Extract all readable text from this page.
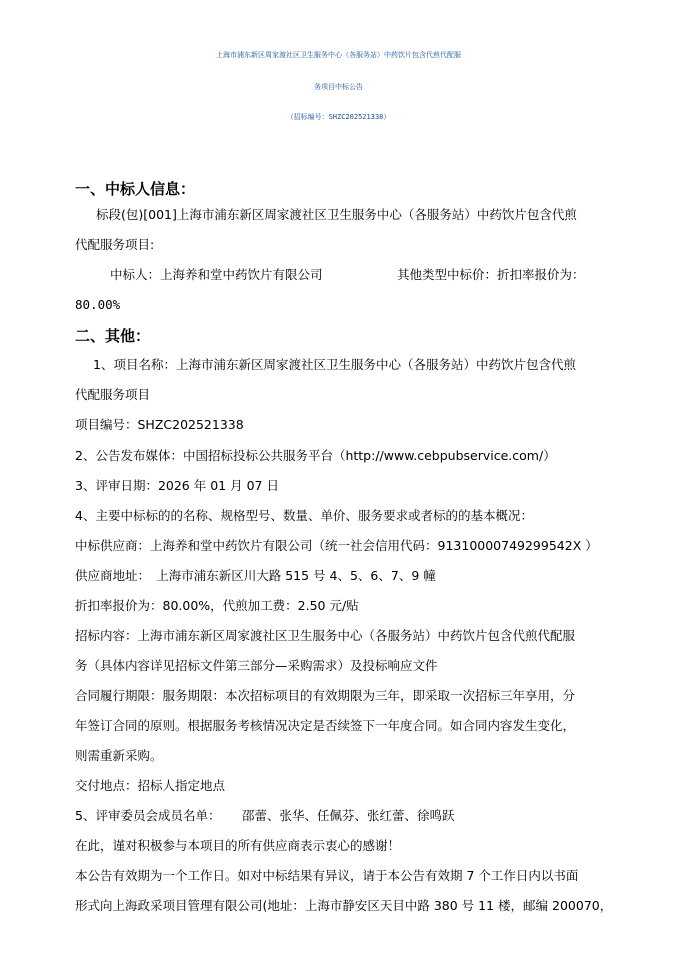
上海市浦东新区周家渡社区卫生服务中心（各服务站）中药饮片包含代煎代配服
务项目中标公告
（招标编号：SHZC202521338）
一、中标人信息：
标段(包)[001]上海市浦东新区周家渡社区卫生服务中心（各服务站）中药饮片包含代煎
代配服务项目:
中标人：上海养和堂中药饮片有限公司	其他类型中标价：折扣率报价为：
80.00%
二、其他：
1、项目名称：上海市浦东新区周家渡社区卫生服务中心（各服务站）中药饮片包含代煎
代配服务项目
项目编号：SHZC202521338
2、公告发布媒体：中国招标投标公共服务平台（http://www.cebpubservice.com/）
3、评审日期：2026 年 01 月 07 日
4、主要中标标的的名称、规格型号、数量、单价、服务要求或者标的的基本概况：
中标供应商：上海养和堂中药饮片有限公司（统一社会信用代码：91310000749299542X ）
供应商地址：　上海市浦东新区川大路 515 号 4、5、6、7、9 幢
折扣率报价为：80.00%，代煎加工费：2.50 元/贴
招标内容：上海市浦东新区周家渡社区卫生服务中心（各服务站）中药饮片包含代煎代配服
务（具体内容详见招标文件第三部分—采购需求）及投标响应文件
合同履行期限：服务期限：本次招标项目的有效期限为三年，即采取一次招标三年享用，分
年签订合同的原则。根据服务考核情况决定是否续签下一年度合同。如合同内容发生变化，
则需重新采购。
交付地点：招标人指定地点
5、评审委员会成员名单： 邵蕾、张华、任佩芬、张红蕾、徐鸣跃
在此，谨对积极参与本项目的所有供应商表示衷心的感谢！
本公告有效期为一个工作日。如对中标结果有异议，请于本公告有效期 7 个工作日内以书面
形式向上海政采项目管理有限公司(地址：上海市静安区天目中路 380 号 11 楼，邮编 200070，
